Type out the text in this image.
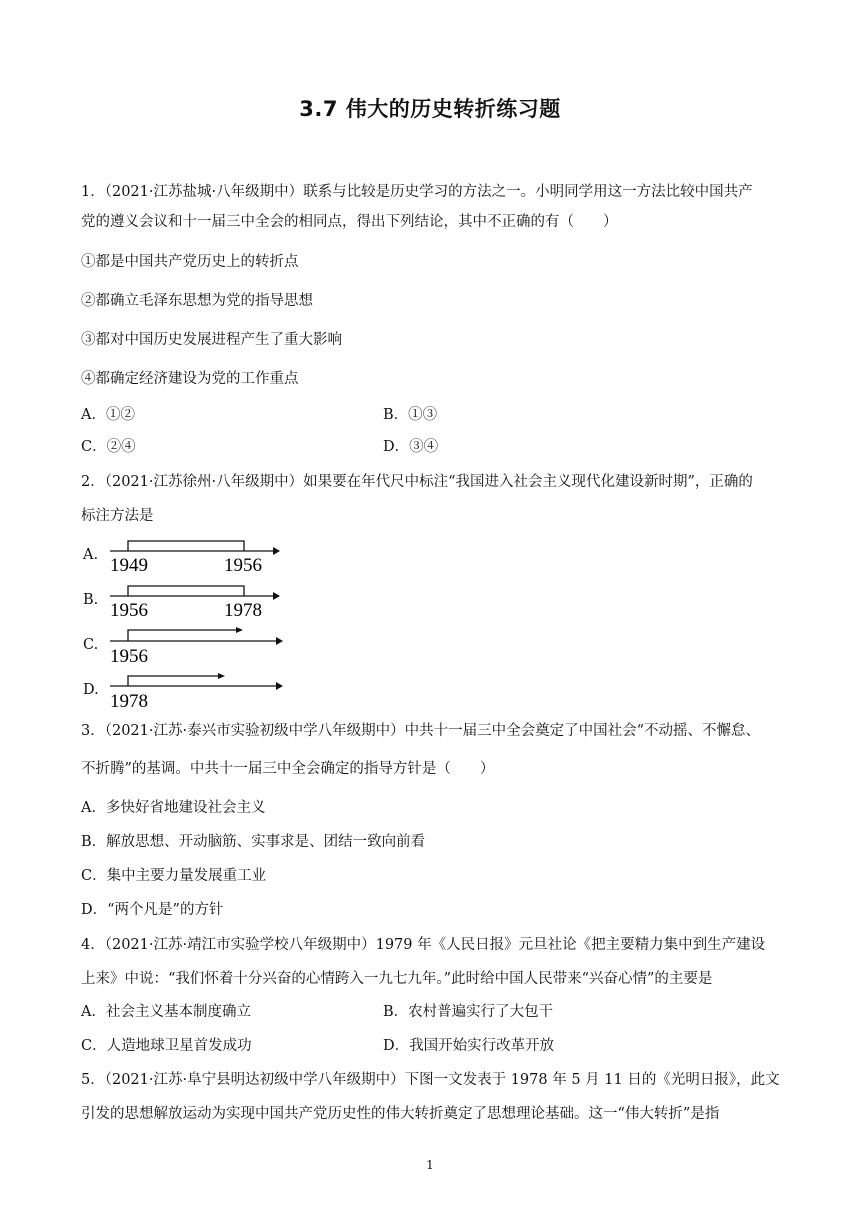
3.7 伟大的历史转折练习题
1．（2021·江苏盐城·八年级期中）联系与比较是历史学习的方法之一。小明同学用这一方法比较中国共产
党的遵义会议和十一届三中全会的相同点，得出下列结论，其中不正确的有（　　）
①都是中国共产党历史上的转折点
②都确立毛泽东思想为党的指导思想
③都对中国历史发展进程产生了重大影响
④都确定经济建设为党的工作重点
A．①②	B．①③
C．②④	D．③④
2．（2021·江苏徐州·八年级期中）如果要在年代尺中标注“我国进入社会主义现代化建设新时期”，正确的
标注方法是
A. 1949	1956
B. 1956	1978
C.
1956
D.
1978
3．（2021·江苏·泰兴市实验初级中学八年级期中）中共十一届三中全会奠定了中国社会“不动摇、不懈怠、
不折腾”的基调。中共十一届三中全会确定的指导方针是（　　）
A．多快好省地建设社会主义
B．解放思想、开动脑筋、实事求是、团结一致向前看
C．集中主要力量发展重工业
D．“两个凡是”的方针
4．（2021·江苏·靖江市实验学校八年级期中）1979 年《人民日报》元旦社论《把主要精力集中到生产建设
上来》中说：“我们怀着十分兴奋的心情跨入一九七九年。”此时给中国人民带来“兴奋心情”的主要是
A．社会主义基本制度确立	B．农村普遍实行了大包干
C．人造地球卫星首发成功	D．我国开始实行改革开放
5．（2021·江苏·阜宁县明达初级中学八年级期中）下图一文发表于 1978 年 5 月 11 日的《光明日报》，此文
引发的思想解放运动为实现中国共产党历史性的伟大转折奠定了思想理论基础。这一“伟大转折”是指
1
